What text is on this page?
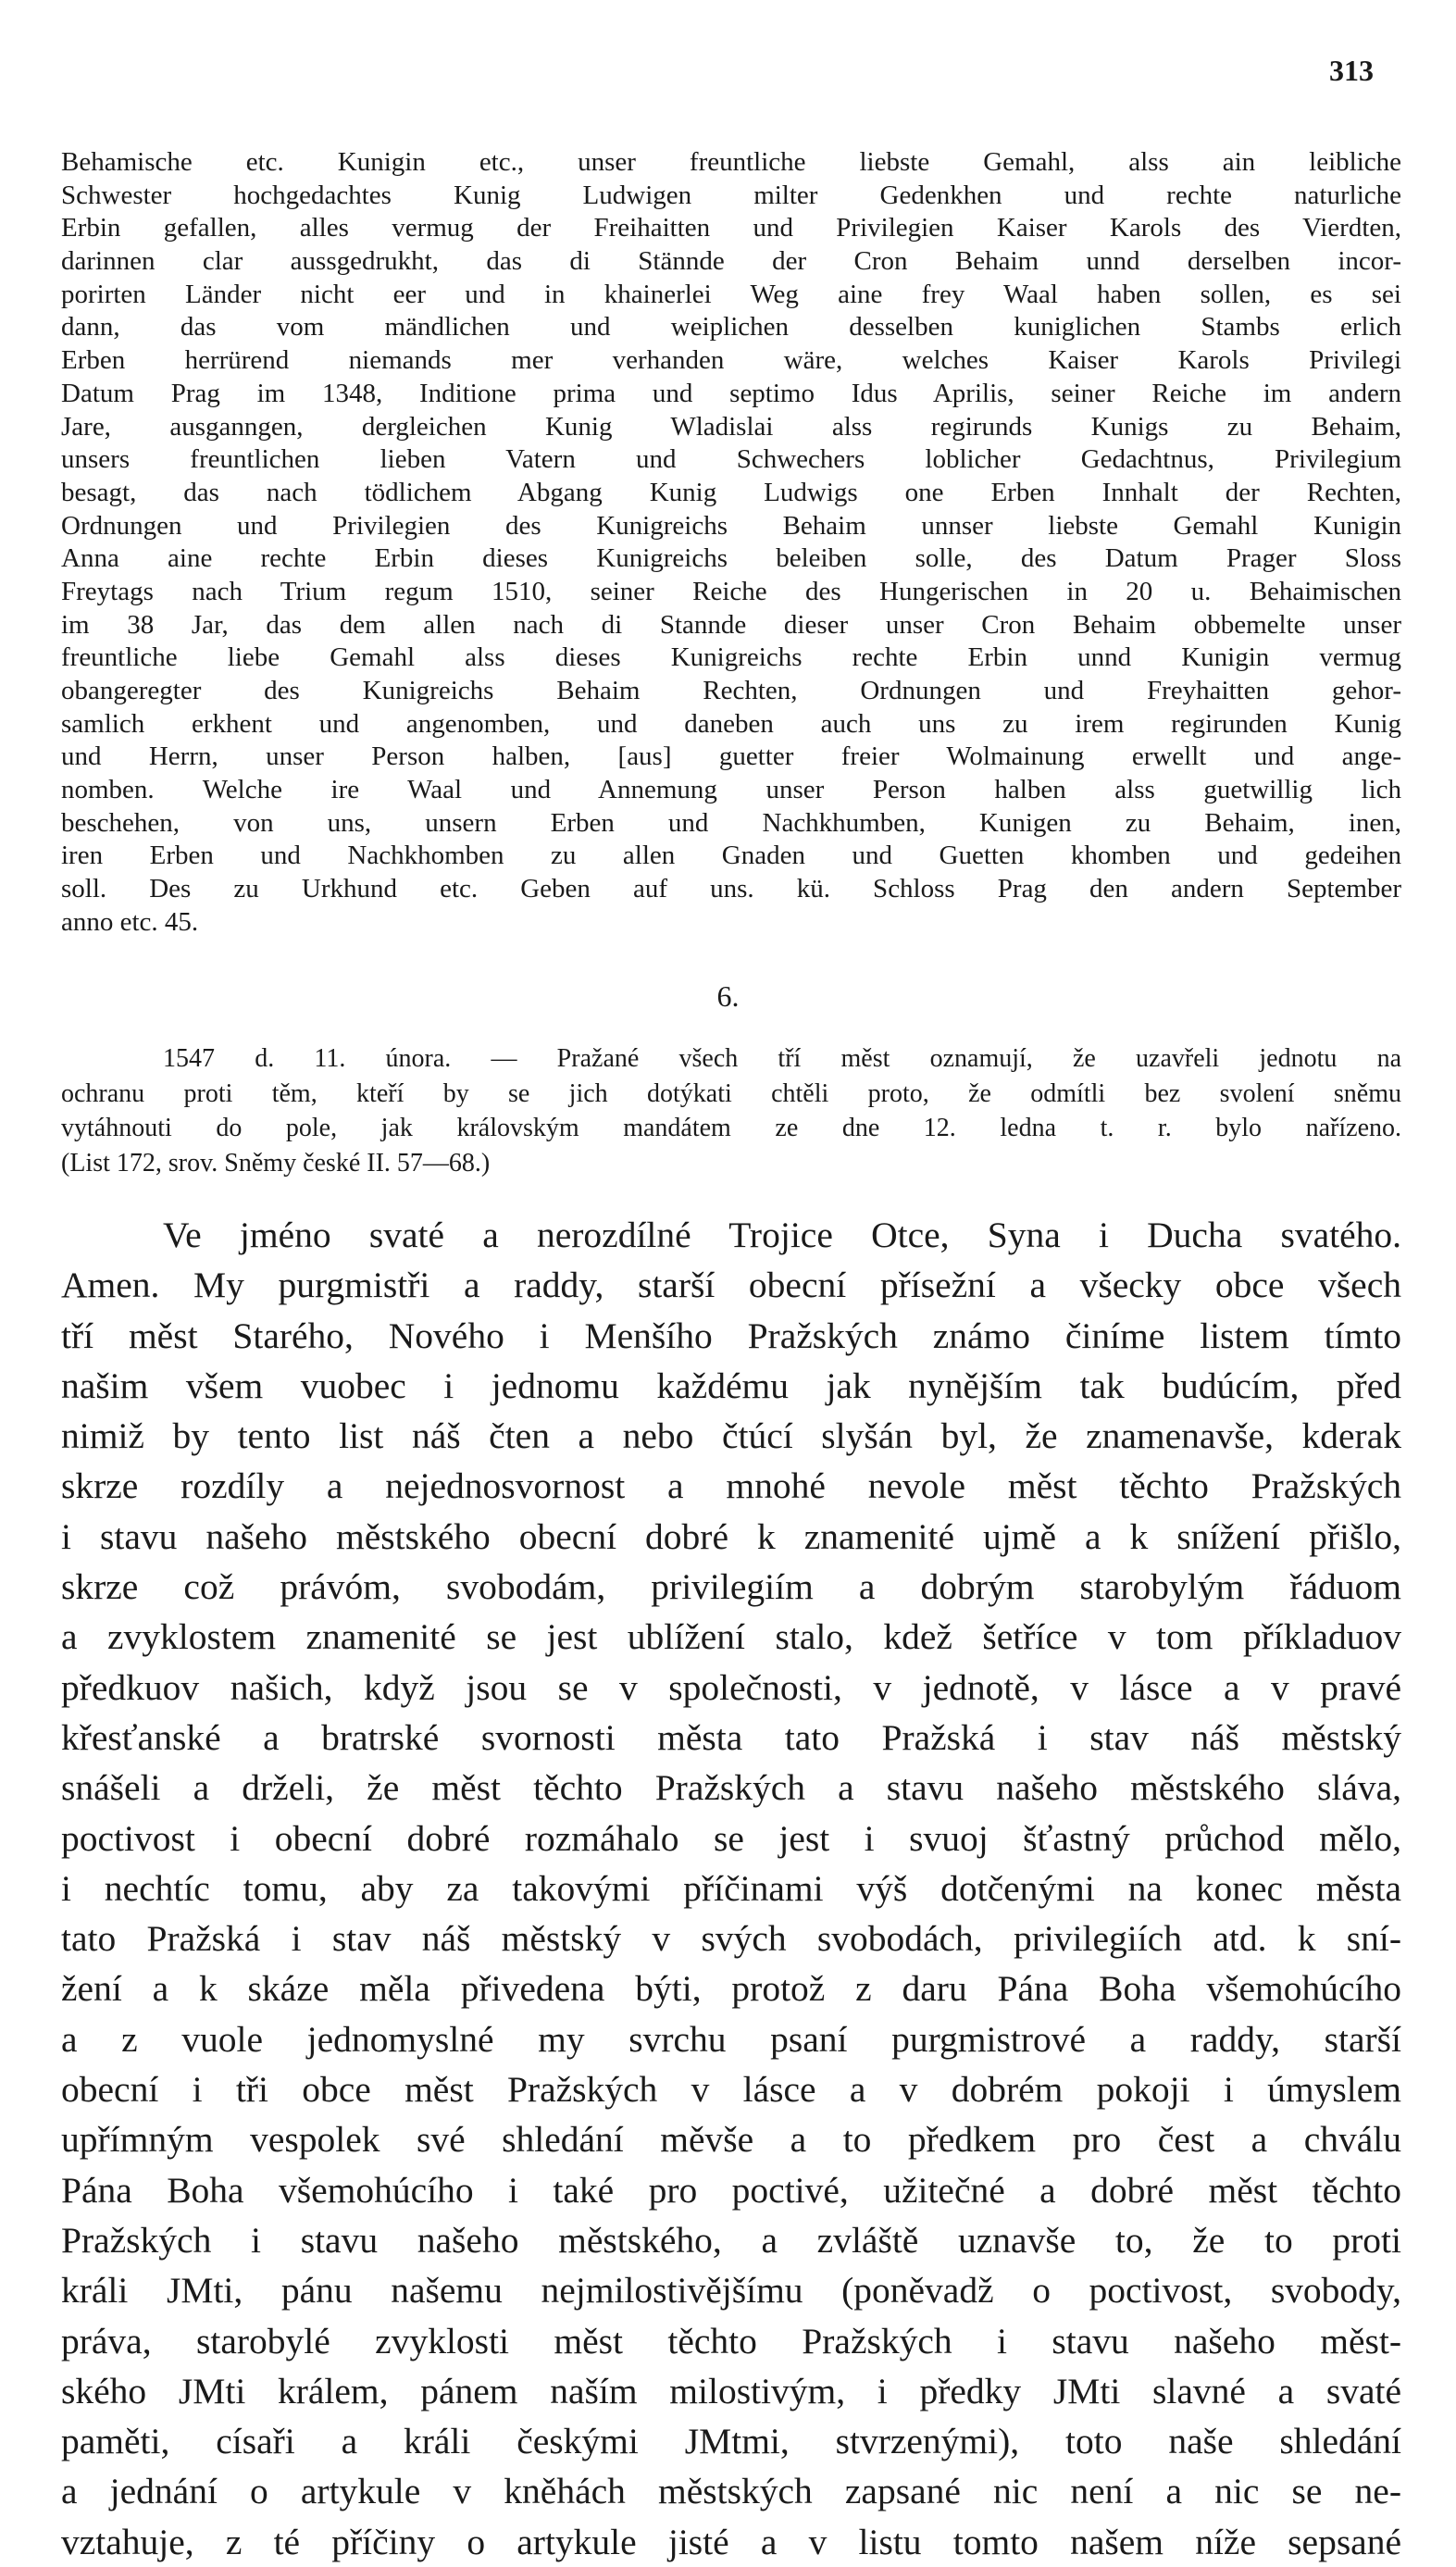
313
Behamische etc. Kunigin etc., unser freuntliche liebste Gemahl, alss ain leibliche
Schwester hochgedachtes Kunig Ludwigen milter Gedenkhen und rechte naturliche
Erbin gefallen, alles vermug der Freihaitten und Privilegien Kaiser Karols des Vierdten,
darinnen clar aussgedrukht, das di Stännde der Cron Behaim unnd derselben incor-
porirten Länder nicht eer und in khainerlei Weg aine frey Waal haben sollen, es sei
dann, das vom mändlichen und weiplichen desselben kuniglichen Stambs erlich
Erben herrürend niemands mer verhanden wäre, welches Kaiser Karols Privilegi
Datum Prag im 1348, Inditione prima und septimo Idus Aprilis, seiner Reiche im andern
Jare, ausganngen, dergleichen Kunig Wladislai alss regirunds Kunigs zu Behaim,
unsers freuntlichen lieben Vatern und Schwechers loblicher Gedachtnus, Privilegium
besagt, das nach tödlichem Abgang Kunig Ludwigs one Erben Innhalt der Rechten,
Ordnungen und Privilegien des Kunigreichs Behaim unnser liebste Gemahl Kunigin
Anna aine rechte Erbin dieses Kunigreichs beleiben solle, des Datum Prager Sloss
Freytags nach Trium regum 1510, seiner Reiche des Hungerischen in 20 u. Behaimischen
im 38 Jar, das dem allen nach di Stannde dieser unser Cron Behaim obbemelte unser
freuntliche liebe Gemahl alss dieses Kunigreichs rechte Erbin unnd Kunigin vermug
obangeregter des Kunigreichs Behaim Rechten, Ordnungen und Freyhaitten gehor-
samlich erkhent und angenomben, und daneben auch uns zu irem regirunden Kunig
und Herrn, unser Person halben, [aus] guetter freier Wolmainung erwellt und ange-
nomben. Welche ire Waal und Annemung unser Person halben alss guetwillig lich
beschehen, von uns, unsern Erben und Nachkhumben, Kunigen zu Behaim, inen,
iren Erben und Nachkhomben zu allen Gnaden und Guetten khomben und gedeihen
soll. Des zu Urkhund etc. Geben auf uns. kü. Schloss Prag den andern September
anno etc. 45.
6.
1547 d. 11. února. — Pražané všech tří měst oznamují, že uzavřeli jednotu na
ochranu proti těm, kteří by se jich dotýkati chtěli proto, že odmítli bez svolení sněmu
vytáhnouti do pole, jak královským mandátem ze dne 12. ledna t. r. bylo nařízeno.
(List 172, srov. Sněmy české II. 57—68.)
Ve jméno svaté a nerozdílné Trojice Otce, Syna i Ducha svatého.
Amen. My purgmistři a raddy, starší obecní přísežní a všecky obce všech
tří měst Starého, Nového i Menšího Pražských známo činíme listem tímto
našim všem vuobec i jednomu každému jak nynějším tak budúcím, před
nimiž by tento list náš čten a nebo čtúcí slyšán byl, že znamenavše, kderak
skrze rozdíly a nejednosvornost a mnohé nevole měst těchto Pražských
i stavu našeho městského obecní dobré k znamenité ujmě a k snížení přišlo,
skrze což právóm, svobodám, privilegiím a dobrým starobylým řáduom
a zvyklostem znamenité se jest ublížení stalo, kdež šetříce v tom příkladuov
předkuov našich, když jsou se v společnosti, v jednotě, v lásce a v pravé
křesťanské a bratrské svornosti města tato Pražská i stav náš městský
snášeli a drželi, že měst těchto Pražských a stavu našeho městského sláva,
poctivost i obecní dobré rozmáhalo se jest i svuoj šťastný průchod mělo,
i nechtíc tomu, aby za takovými příčinami výš dotčenými na konec města
tato Pražská i stav náš městský v svých svobodách, privilegiích atd. k sní-
žení a k skáze měla přivedena býti, protož z daru Pána Boha všemohúcího
a z vuole jednomyslné my svrchu psaní purgmistrové a raddy, starší
obecní i tři obce měst Pražských v lásce a v dobrém pokoji i úmyslem
upřímným vespolek své shledání měvše a to předkem pro čest a chválu
Pána Boha všemohúcího i také pro poctivé, užitečné a dobré měst těchto
Pražských i stavu našeho městského, a zvláště uznavše to, že to proti
králi JMti, pánu našemu nejmilostivějšímu (poněvadž o poctivost, svobody,
práva, starobylé zvyklosti měst těchto Pražských i stavu našeho měst-
ského JMti králem, pánem naším milostivým, i předky JMti slavné a svaté
paměti, císaři a králi českými JMtmi, stvrzenými), toto naše shledání
a jednání o artykule v kněhách městských zapsané nic není a nic se ne-
vztahuje, z té příčiny o artykule jisté a v listu tomto našem níže sepsané
